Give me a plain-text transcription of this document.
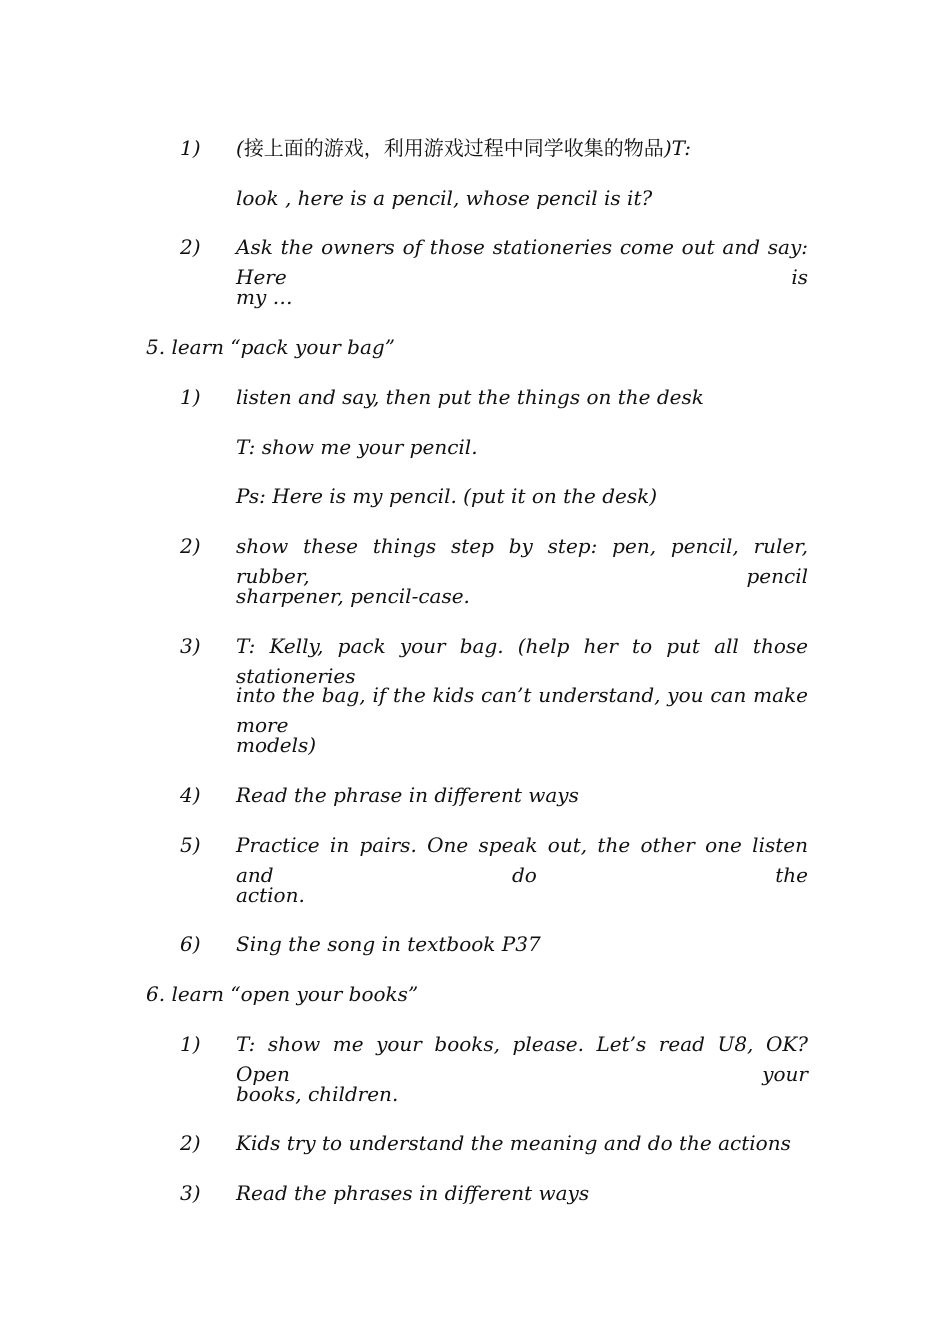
1) (接上面的游戏，利用游戏过程中同学收集的物品)T:
look , here is a pencil, whose pencil is it?
2) Ask the owners of those stationeries come out and say: Here is
my …
5. learn “pack your bag”
1) listen and say, then put the things on the desk
T: show me your pencil.
Ps: Here is my pencil. (put it on the desk)
2) show these things step by step: pen, pencil, ruler, rubber, pencil
sharpener, pencil-case.
3) T: Kelly, pack your bag. (help her to put all those stationeries
into the bag, if the kids can’t understand, you can make more
models)
4) Read the phrase in different ways
5) Practice in pairs. One speak out, the other one listen and do the
action.
6) Sing the song in textbook P37
6. learn “open your books”
1) T: show me your books, please. Let’s read U8, OK? Open your
books, children.
2) Kids try to understand the meaning and do the actions
3) Read the phrases in different ways
